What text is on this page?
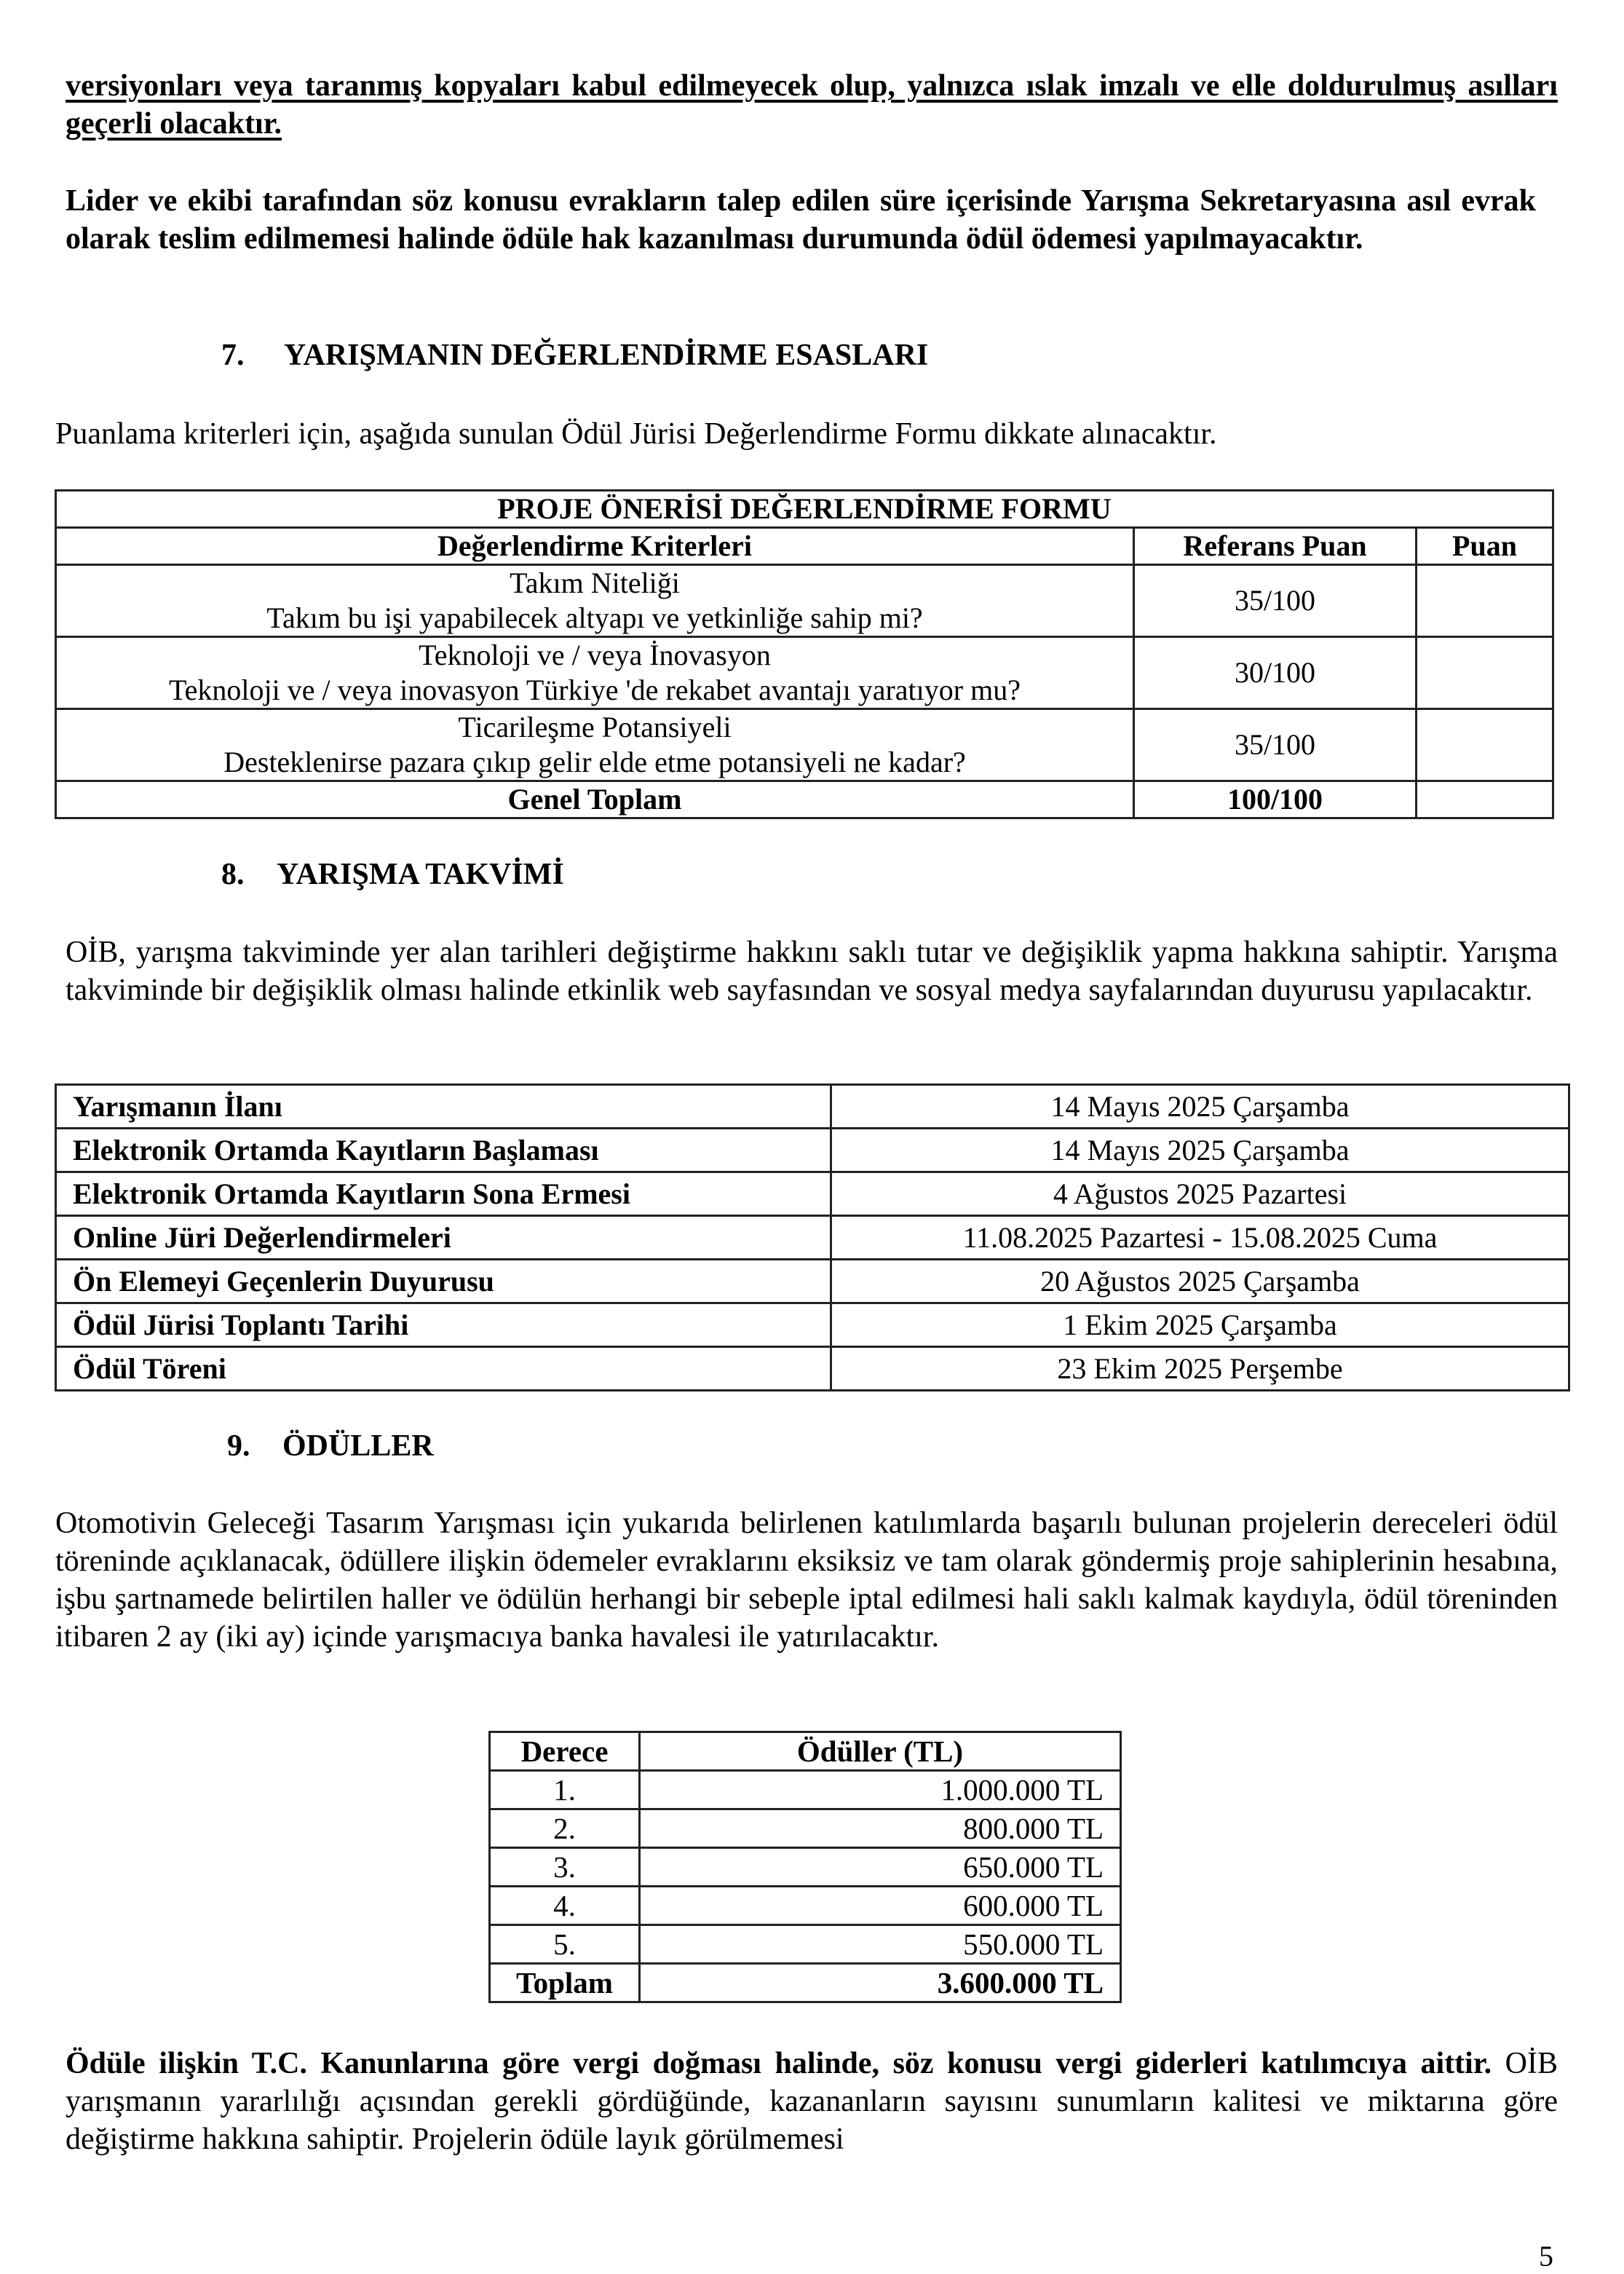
versiyonları veya taranmış kopyaları kabul edilmeyecek olup, yalnızca ıslak imzalı ve elle doldurulmuş asılları geçerli olacaktır.
Lider ve ekibi tarafından söz konusu evrakların talep edilen süre içerisinde Yarışma Sekretaryasına asıl evrak olarak teslim edilmemesi halinde ödüle hak kazanılması durumunda ödül ödemesi yapılmayacaktır.
7. YARIŞMANIN DEĞERLENDİRME ESASLARI
Puanlama kriterleri için, aşağıda sunulan Ödül Jürisi Değerlendirme Formu dikkate alınacaktır.
PROJE ÖNERİSİ DEĞERLENDİRME FORMU		
Değerlendirme Kriterleri	Referans Puan	Puan

Takım Niteliği
Takım bu işi yapabilecek altyapı ve yetkinliğe sahip mi?	35/100	

Teknoloji ve / veya İnovasyon
Teknoloji ve / veya inovasyon Türkiye 'de rekabet avantajı yaratıyor mu?	30/100	

Ticarileşme Potansiyeli
Desteklenirse pazara çıkıp gelir elde etme potansiyeli ne kadar?	35/100	
Genel Toplam	100/100	
8. YARIŞMA TAKVİMİ
OİB, yarışma takviminde yer alan tarihleri değiştirme hakkını saklı tutar ve değişiklik yapma hakkına sahiptir. Yarışma takviminde bir değişiklik olması halinde etkinlik web sayfasından ve sosyal medya sayfalarından duyurusu yapılacaktır.
Yarışmanın İlanı	14 Mayıs 2025 Çarşamba
Elektronik Ortamda Kayıtların Başlaması	14 Mayıs 2025 Çarşamba
Elektronik Ortamda Kayıtların Sona Ermesi	4 Ağustos 2025 Pazartesi
Online Jüri Değerlendirmeleri	11.08.2025 Pazartesi - 15.08.2025 Cuma
Ön Elemeyi Geçenlerin Duyurusu	20 Ağustos 2025 Çarşamba
Ödül Jürisi Toplantı Tarihi	1 Ekim 2025 Çarşamba
Ödül Töreni	23 Ekim 2025 Perşembe
9. ÖDÜLLER
Otomotivin Geleceği Tasarım Yarışması için yukarıda belirlenen katılımlarda başarılı bulunan projelerin dereceleri ödül töreninde açıklanacak, ödüllere ilişkin ödemeler evraklarını eksiksiz ve tam olarak göndermiş proje sahiplerinin hesabına, işbu şartnamede belirtilen haller ve ödülün herhangi bir sebeple iptal edilmesi hali saklı kalmak kaydıyla, ödül töreninden itibaren 2 ay (iki ay) içinde yarışmacıya banka havalesi ile yatırılacaktır.
Derece	Ödüller (TL)
1.	1.000.000 TL
2.	800.000 TL
3.	650.000 TL
4.	600.000 TL
5.	550.000 TL
Toplam	3.600.000 TL
Ödüle ilişkin T.C. Kanunlarına göre vergi doğması halinde, söz konusu vergi giderleri katılımcıya aittir. OİB yarışmanın yararlılığı açısından gerekli gördüğünde, kazananların sayısını sunumların kalitesi ve miktarına göre değiştirme hakkına sahiptir. Projelerin ödüle layık görülmemesi
5
